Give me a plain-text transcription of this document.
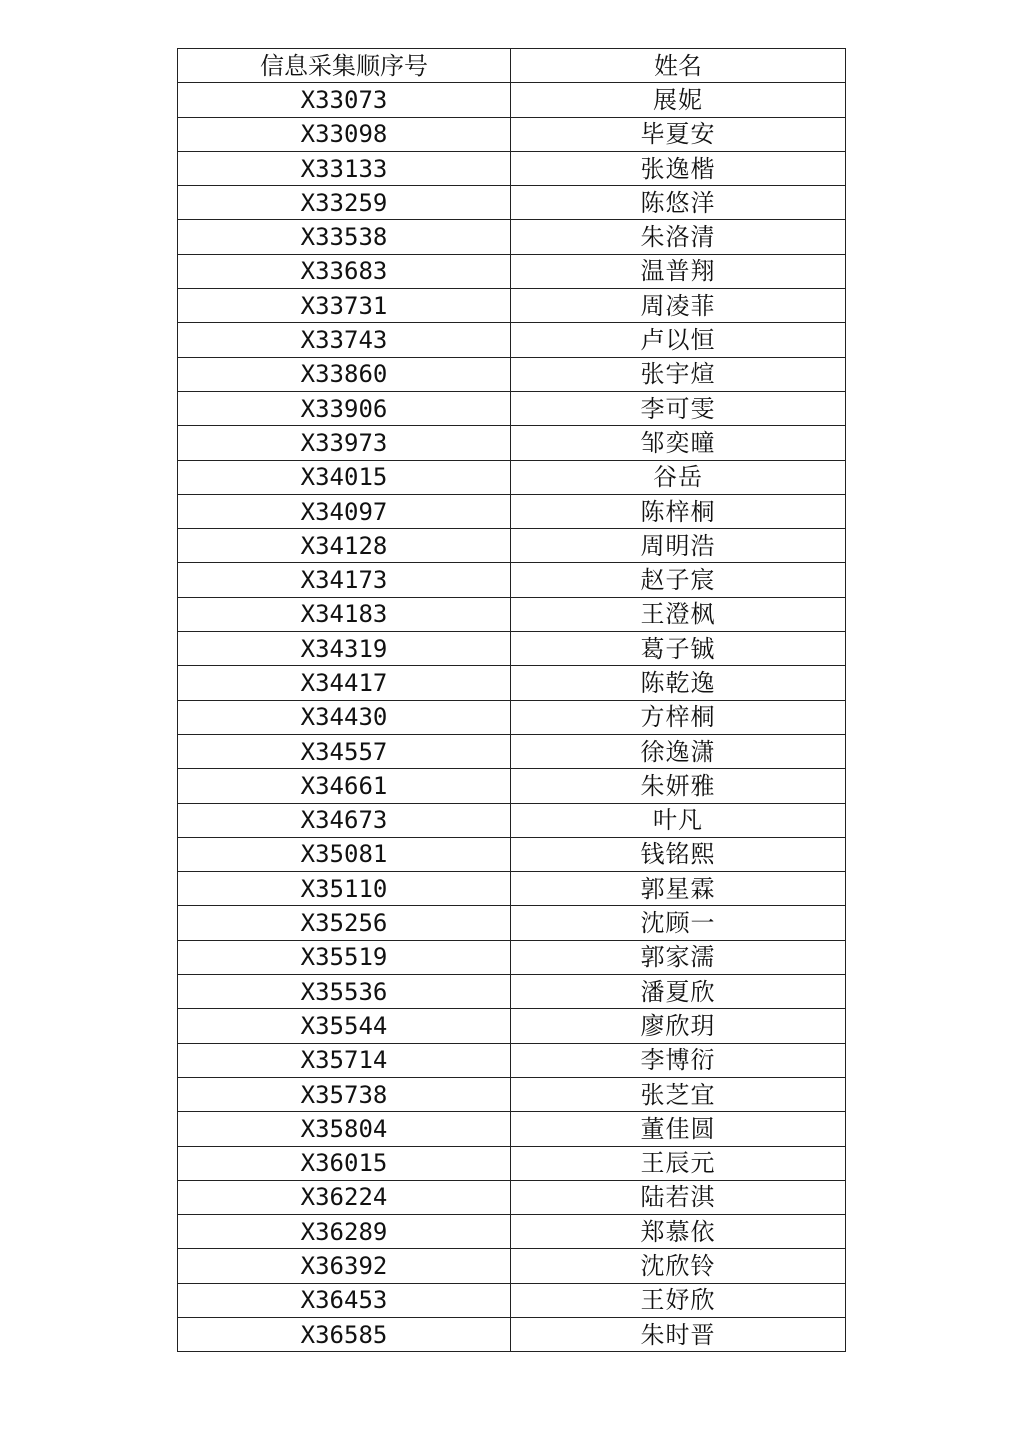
信息采集顺序号	姓名
X33073	展妮
X33098	毕夏安
X33133	张逸楷
X33259	陈悠洋
X33538	朱洛清
X33683	温普翔
X33731	周凌菲
X33743	卢以恒
X33860	张宇煊
X33906	李可雯
X33973	邹奕曈
X34015	谷岳
X34097	陈梓桐
X34128	周明浩
X34173	赵子宸
X34183	王澄枫
X34319	葛子铖
X34417	陈乾逸
X34430	方梓桐
X34557	徐逸潇
X34661	朱妍雅
X34673	叶凡
X35081	钱铭熙
X35110	郭星霖
X35256	沈顾一
X35519	郭家濡
X35536	潘夏欣
X35544	廖欣玥
X35714	李博衍
X35738	张芝宜
X35804	董佳圆
X36015	王辰元
X36224	陆若淇
X36289	郑慕依
X36392	沈欣铃
X36453	王妤欣
X36585	朱时晋
